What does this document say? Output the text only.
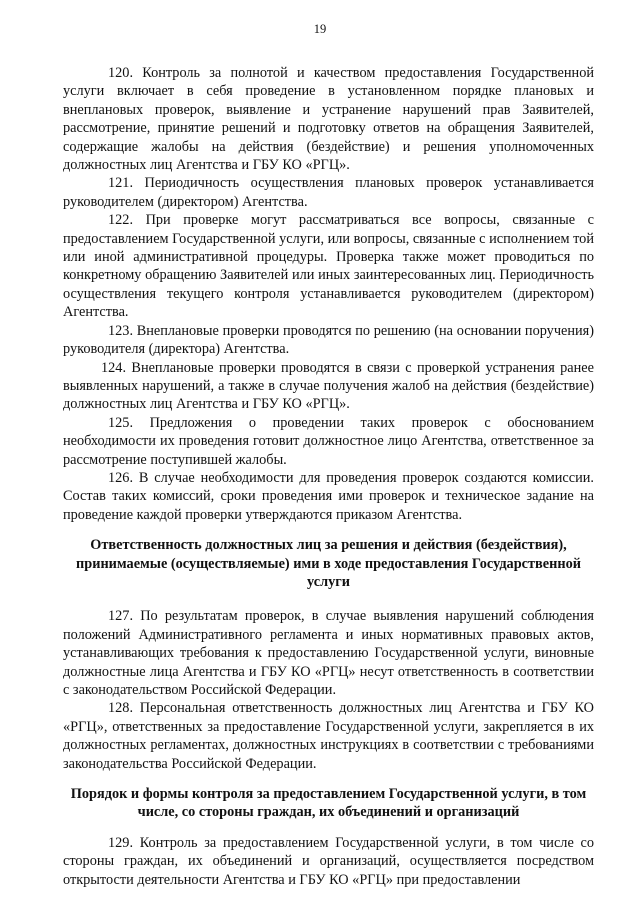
19

120. Контроль за полнотой и качеством предоставления Государственной услуги включает в себя проведение в установленном порядке плановых и внеплановых проверок, выявление и устранение нарушений прав Заявителей, рассмотрение, принятие решений и подготовку ответов на обращения Заявителей, содержащие жалобы на действия (бездействие) и решения уполномоченных должностных лиц Агентства и ГБУ КО «РГЦ».

121. Периодичность осуществления плановых проверок устанавливается руководителем (директором) Агентства.

122. При проверке могут рассматриваться все вопросы, связанные с предоставлением Государственной услуги, или вопросы, связанные с исполнением той или иной административной процедуры. Проверка также может проводиться по конкретному обращению Заявителей или иных заинтересованных лиц. Периодичность осуществления текущего контроля устанавливается руководителем (директором) Агентства.

123. Внеплановые проверки проводятся по решению (на основании поручения) руководителя (директора) Агентства.

124. Внеплановые проверки проводятся в связи с проверкой устранения ранее выявленных нарушений, а также в случае получения жалоб на действия (бездействие) должностных лиц Агентства и ГБУ КО «РГЦ».

125. Предложения о проведении таких проверок с обоснованием необходимости их проведения готовит должностное лицо Агентства, ответственное за рассмотрение поступившей жалобы.

126. В случае необходимости для проведения проверок создаются комиссии. Состав таких комиссий, сроки проведения ими проверок и техническое задание на проведение каждой проверки утверждаются приказом Агентства.

Ответственность должностных лиц за решения и действия (бездействия), принимаемые (осуществляемые) ими в ходе предоставления Государственной услуги

127. По результатам проверок, в случае выявления нарушений соблюдения положений Административного регламента и иных нормативных правовых актов, устанавливающих требования к предоставлению Государственной услуги, виновные должностные лица Агентства и ГБУ КО «РГЦ» несут ответственность в соответствии с законодательством Российской Федерации.

128. Персональная ответственность должностных лиц Агентства и ГБУ КО «РГЦ», ответственных за предоставление Государственной услуги, закрепляется в их должностных регламентах, должностных инструкциях в соответствии с требованиями законодательства Российской Федерации.

Порядок и формы контроля за предоставлением Государственной услуги, в том числе, со стороны граждан, их объединений и организаций

129. Контроль за предоставлением Государственной услуги, в том числе со стороны граждан, их объединений и организаций, осуществляется посредством открытости деятельности Агентства и ГБУ КО «РГЦ» при предоставлении
